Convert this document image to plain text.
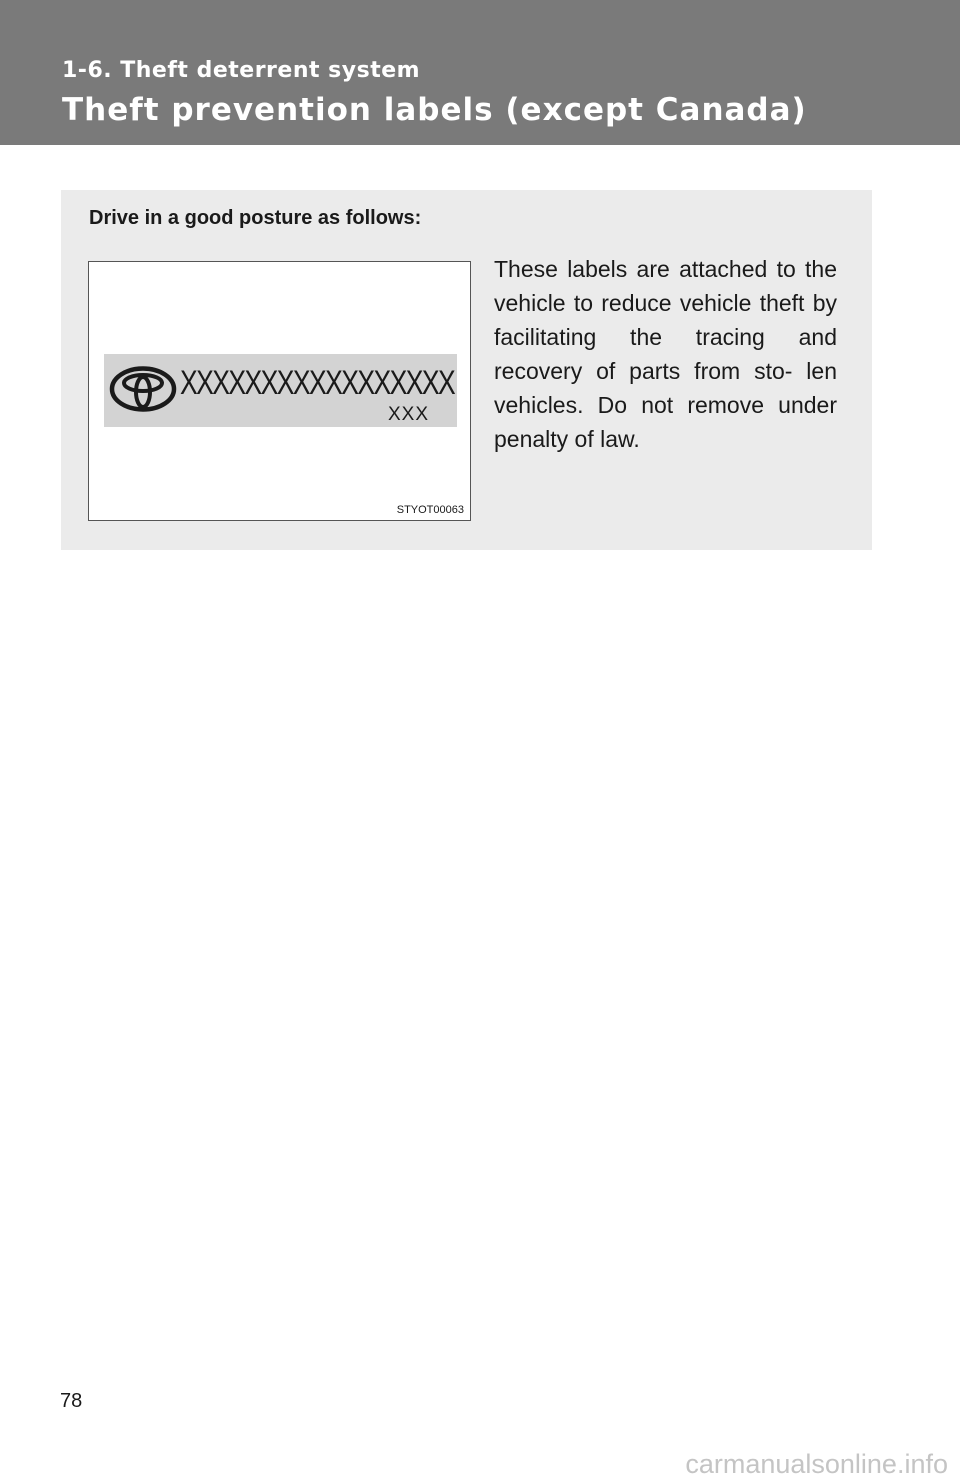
1-6. Theft deterrent system
Theft prevention labels (except Canada)
Drive in a good posture as follows:
XXXXXXXXXXXXXXXXX
XXX
STYOT00063
These labels are attached to the vehicle to reduce vehicle theft by facilitating the tracing and recovery of parts from sto- len vehicles. Do not remove under penalty of law.
78
carmanualsonline.info
